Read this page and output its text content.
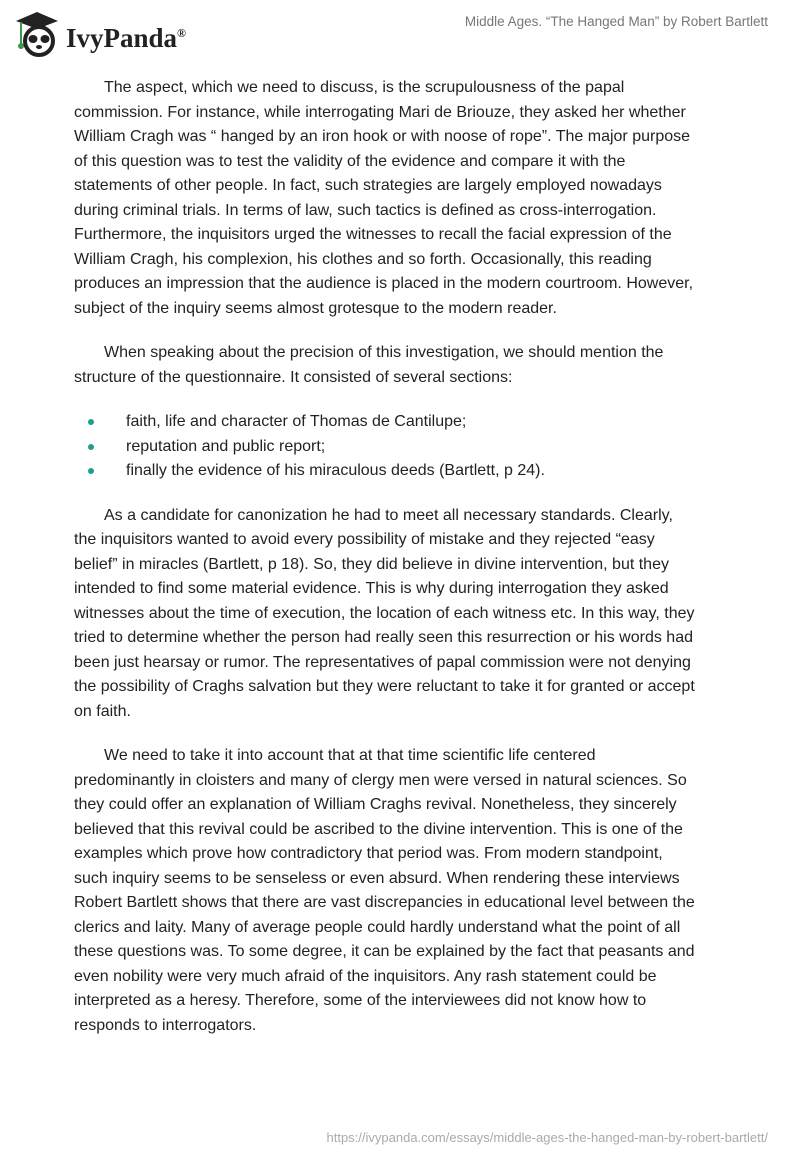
IvyPanda®
Middle Ages. “The Hanged Man” by Robert Bartlett

The aspect, which we need to discuss, is the scrupulousness of the papal
commission. For instance, while interrogating Mari de Briouze, they asked her whether
William Cragh was “ hanged by an iron hook or with noose of rope”. The major purpose
of this question was to test the validity of the evidence and compare it with the
statements of other people. In fact, such strategies are largely employed nowadays
during criminal trials. In terms of law, such tactics is defined as cross-interrogation.
Furthermore, the inquisitors urged the witnesses to recall the facial expression of the
William Cragh, his complexion, his clothes and so forth. Occasionally, this reading
produces an impression that the audience is placed in the modern courtroom. However,
subject of the inquiry seems almost grotesque to the modern reader.

When speaking about the precision of this investigation, we should mention the
structure of the questionnaire. It consisted of several sections:

faith, life and character of Thomas de Cantilupe;
reputation and public report;
finally the evidence of his miraculous deeds (Bartlett, p 24).

As a candidate for canonization he had to meet all necessary standards. Clearly,
the inquisitors wanted to avoid every possibility of mistake and they rejected “easy
belief” in miracles (Bartlett, p 18). So, they did believe in divine intervention, but they
intended to find some material evidence. This is why during interrogation they asked
witnesses about the time of execution, the location of each witness etc. In this way, they
tried to determine whether the person had really seen this resurrection or his words had
been just hearsay or rumor. The representatives of papal commission were not denying
the possibility of Craghs salvation but they were reluctant to take it for granted or accept
on faith.

We need to take it into account that at that time scientific life centered
predominantly in cloisters and many of clergy men were versed in natural sciences. So
they could offer an explanation of William Craghs revival. Nonetheless, they sincerely
believed that this revival could be ascribed to the divine intervention. This is one of the
examples which prove how contradictory that period was. From modern standpoint,
such inquiry seems to be senseless or even absurd. When rendering these interviews
Robert Bartlett shows that there are vast discrepancies in educational level between the
clerics and laity. Many of average people could hardly understand what the point of all
these questions was. To some degree, it can be explained by the fact that peasants and
even nobility were very much afraid of the inquisitors. Any rash statement could be
interpreted as a heresy. Therefore, some of the interviewees did not know how to
responds to interrogators.

https://ivypanda.com/essays/middle-ages-the-hanged-man-by-robert-bartlett/
